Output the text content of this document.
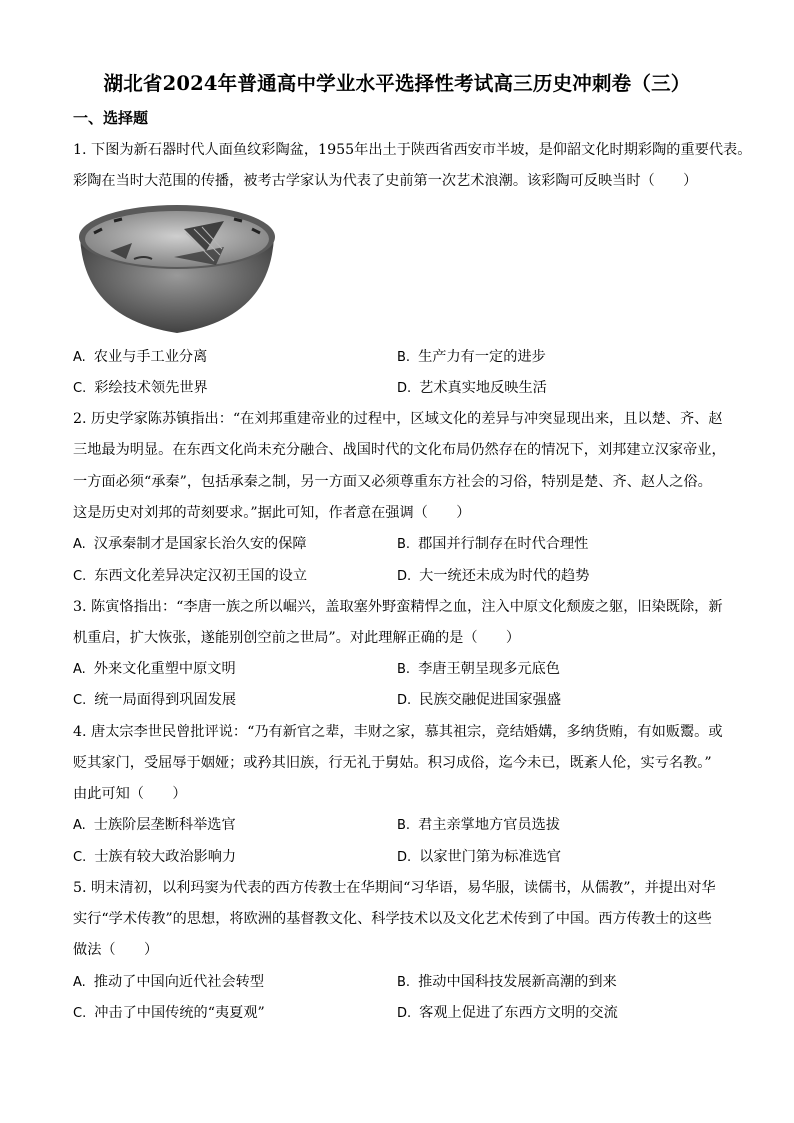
湖北省2024年普通高中学业水平选择性考试高三历史冲刺卷（三）
一、选择题
1. 下图为新石器时代人面鱼纹彩陶盆，1955年出土于陕西省西安市半坡，是仰韶文化时期彩陶的重要代表。
彩陶在当时大范围的传播，被考古学家认为代表了史前第一次艺术浪潮。该彩陶可反映当时（　　）
A. 农业与手工业分离	B. 生产力有一定的进步
C. 彩绘技术领先世界	D. 艺术真实地反映生活
2. 历史学家陈苏镇指出：“在刘邦重建帝业的过程中，区域文化的差异与冲突显现出来，且以楚、齐、赵
三地最为明显。在东西文化尚未充分融合、战国时代的文化布局仍然存在的情况下，刘邦建立汉家帝业，
一方面必须“承秦”，包括承秦之制，另一方面又必须尊重东方社会的习俗，特别是楚、齐、赵人之俗。
这是历史对刘邦的苛刻要求。”据此可知，作者意在强调（　　）
A. 汉承秦制才是国家长治久安的保障	B. 郡国并行制存在时代合理性
C. 东西文化差异决定汉初王国的设立	D. 大一统还未成为时代的趋势
3. 陈寅恪指出：“李唐一族之所以崛兴，盖取塞外野蛮精悍之血，注入中原文化颓废之躯，旧染既除，新
机重启，扩大恢张，遂能别创空前之世局”。对此理解正确的是（　　）
A. 外来文化重塑中原文明	B. 李唐王朝呈现多元底色
C. 统一局面得到巩固发展	D. 民族交融促进国家强盛
4. 唐太宗李世民曾批评说：“乃有新官之辈，丰财之家，慕其祖宗，竞结婚媾，多纳货贿，有如贩鬻。或
贬其家门，受屈辱于姻娅；或矜其旧族，行无礼于舅姑。积习成俗，迄今未已，既紊人伦，实亏名教。”
由此可知（　　）
A. 士族阶层垄断科举选官	B. 君主亲掌地方官员选拔
C. 士族有较大政治影响力	D. 以家世门第为标准选官
5. 明末清初，以利玛窦为代表的西方传教士在华期间“习华语，易华服，读儒书，从儒教”，并提出对华
实行“学术传教”的思想，将欧洲的基督教文化、科学技术以及文化艺术传到了中国。西方传教士的这些
做法（　　）
A. 推动了中国向近代社会转型	B. 推动中国科技发展新高潮的到来
C. 冲击了中国传统的“夷夏观”	D. 客观上促进了东西方文明的交流
